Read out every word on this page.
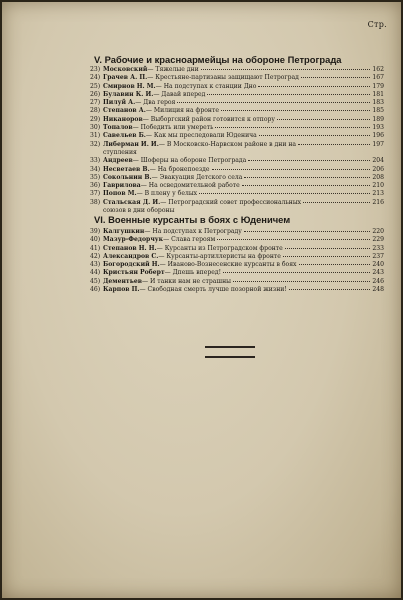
Стр.
V. Рабочие и красноармейцы на обороне Петрограда
23) Московский — Тяжелые дни	162
24) Грачев А. П. — Крестьяне-партизаны защищают Петроград	167
25) Смирнов Н. М. — На подступах к станции Дно	179
26) Булавин К. И. — Давай вперед	181
27) Пилуй А. — Два героя	183
28) Степанов А. — Милиция на фронте	185
29) Никаноров — Выборгский район готовится к отпору	189
30) Топалов — Победить или умереть	193
31) Савельев Б. — Как мы преследовали Юденича	196
32) Либерман И. И. — В Московско-Нарвском районе в дни на	197
ступления
33) Андреев — Шоферы на обороне Петрограда	204
34) Несветаев В. — На бронепоезде	206
35) Сокольнин В. — Эвакуация Детского села	208
36) Гаврилова — На осведомительной работе	210
37) Попов М. — В плену у белых	213
38) Стальская Д. И. — Петроградский совет профессиональных	216
союзов в дни обороны
VI. Военные курсанты в боях с Юденичем
39) Калгушкин — На подступах к Петрограду	220
40) Мазур-Федорчук — Слава героям	229
41) Степанов Н. Н. — Курсанты из Петроградском фронте	233
42) Александров С. — Курсанты-артиллеристы на фронте	237
43) Богородский Н. — Иваново-Вознесенские курсанты в боях	240
44) Кристьян Роберт — Дпешь вперед!	243
45) Дементьев — И танки нам не страшны	246
46) Карпов П. — Свободная смерть лучше позорной жизни!	248
